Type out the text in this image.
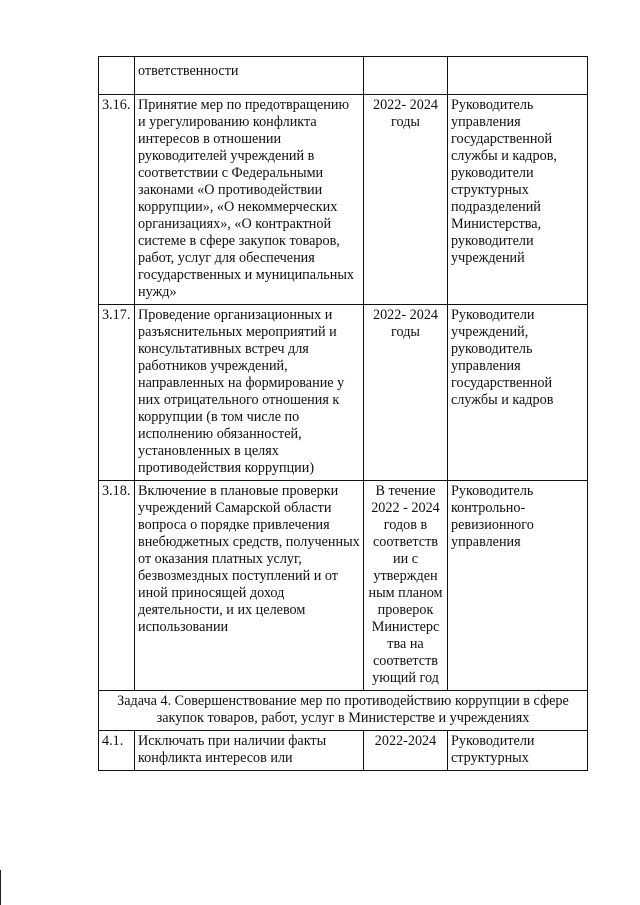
	ответственности		
3.16.	Принятие мер по предотвращению и урегулированию конфликта интересов в отношении руководителей учреждений в соответствии с Федеральными законами «О противодействии коррупции», «О некоммерческих организациях», «О контрактной системе в сфере закупок товаров, работ, услуг для обеспечения государственных и муниципальных нужд»	2022- 2024 годы	Руководитель управления государственной службы и кадров, руководители структурных подразделений Министерства, руководители учреждений
3.17.	Проведение организационных и разъяснительных мероприятий и консультативных встреч для работников учреждений, направленных на формирование у них отрицательного отношения к коррупции (в том числе по исполнению обязанностей, установленных в целях противодействия коррупции)	2022- 2024 годы	Руководители учреждений, руководитель управления государственной службы и кадров
3.18.	Включение в плановые проверки учреждений Самарской области вопроса о порядке привлечения внебюджетных средств, полученных от оказания платных услуг, безвозмездных поступлений и от иной приносящей доход деятельности, и их целевом использовании	В течение 2022 - 2024 годов в соответств ии с утвержден ным планом проверок Министерс тва на соответств ующий год	Руководитель контрольно-ревизионного управления
Задача 4. Совершенствование мер по противодействию коррупции в сфере закупок товаров, работ, услуг в Министерстве и учреждениях			
4.1.	Исключать при наличии факты конфликта интересов или	2022-2024	Руководители структурных
